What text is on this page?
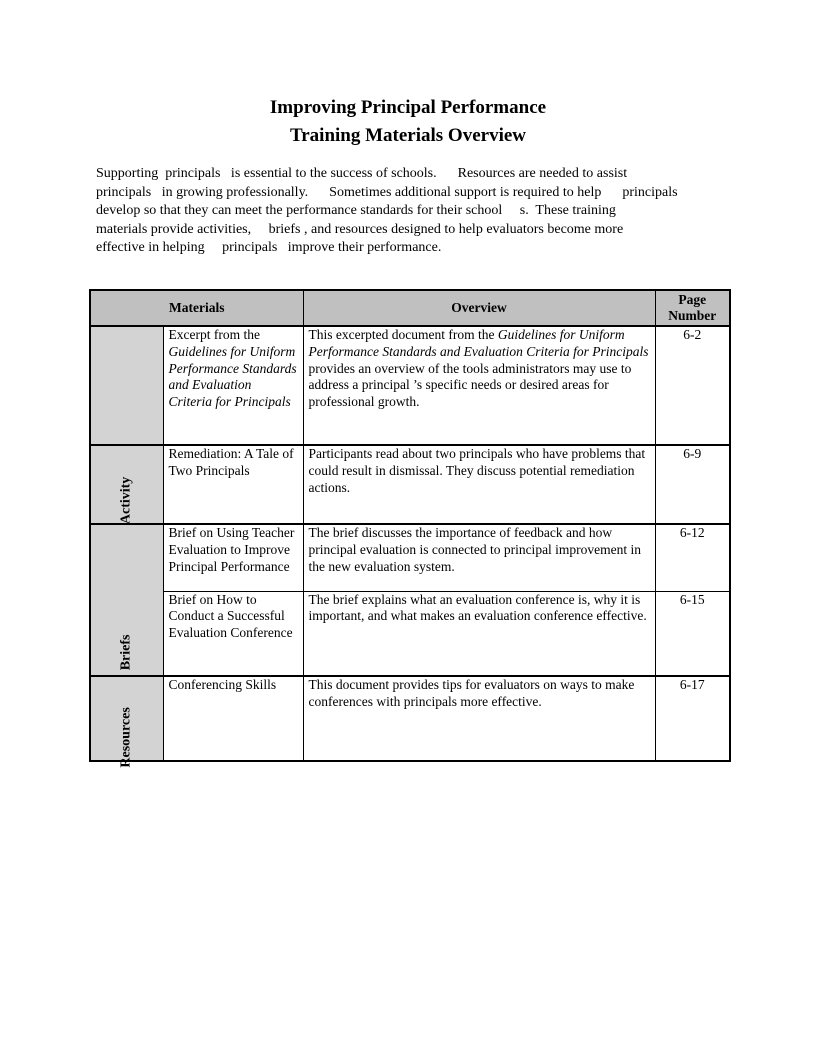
Improving Principal Performance
Training Materials Overview
Supporting  principals   is essential to the success of schools.      Resources are needed to assist
principals   in growing professionally.      Sometimes additional support is required to help      principals
develop so that they can meet the performance standards for their school     s.  These training
materials provide activities,     briefs , and resources designed to help evaluators become more
effective in helping     principals   improve their performance.
Materials		Overview	Page Number
	Excerpt from the Guidelines for Uniform Performance Standards and Evaluation Criteria for Principals	This excerpted document from the Guidelines for Uniform Performance Standards and Evaluation Criteria for Principals provides an overview of the tools administrators may use to address a principal ’s specific needs or desired areas for professional growth.	6-2

Activity	Remediation: A Tale of Two Principals	Participants read about two principals who have problems that could result in dismissal. They discuss potential remediation actions.	6-9

Briefs	Brief on Using Teacher Evaluation to Improve Principal Performance	The brief discusses the importance of feedback and how principal evaluation is connected to principal improvement in the new evaluation system.	6-12
	Brief on How to Conduct a Successful Evaluation Conference	The brief explains what an evaluation conference is, why it is important, and what makes an evaluation conference effective.	6-15

Resources	Conferencing Skills	This document provides tips for evaluators on ways to make conferences with principals more effective.	6-17
